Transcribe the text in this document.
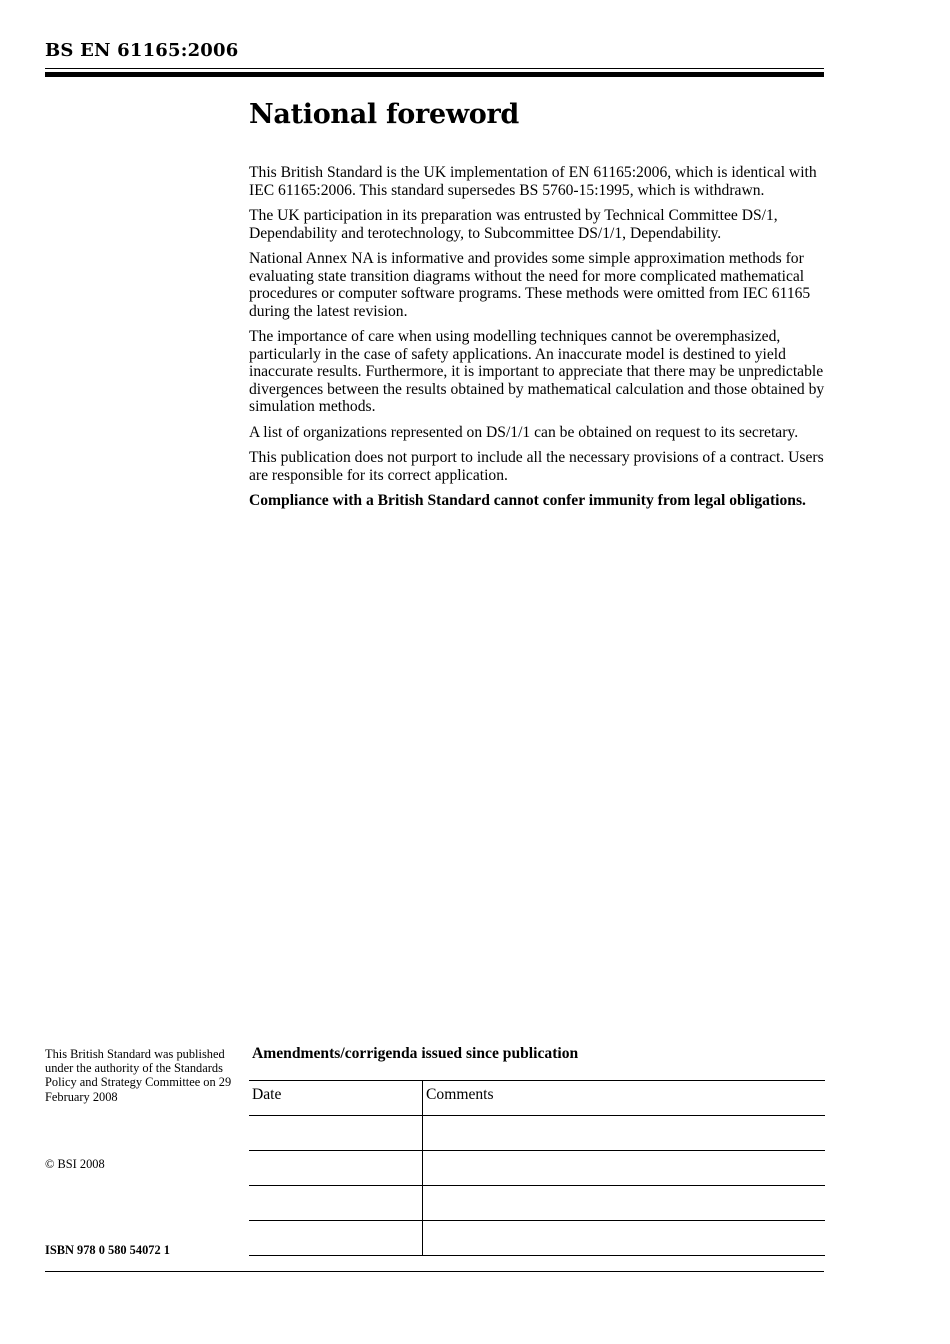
BS EN 61165:2006
National foreword

This British Standard is the UK implementation of EN 61165:2006, which is identical with IEC 61165:2006. This standard supersedes BS 5760-15:1995, which is withdrawn.

The UK participation in its preparation was entrusted by Technical Committee DS/1, Dependability and terotechnology, to Subcommittee DS/1/1, Dependability.

National Annex NA is informative and provides some simple approximation methods for evaluating state transition diagrams without the need for more complicated mathematical procedures or computer software programs. These methods were omitted from IEC 61165 during the latest revision.

The importance of care when using modelling techniques cannot be overemphasized, particularly in the case of safety applications. An inaccurate model is destined to yield inaccurate results. Furthermore, it is important to appreciate that there may be unpredictable divergences between the results obtained by mathematical calculation and those obtained by simulation methods.

A list of organizations represented on DS/1/1 can be obtained on request to its secretary.

This publication does not purport to include all the necessary provisions of a contract. Users are responsible for its correct application.

Compliance with a British Standard cannot confer immunity from legal obligations.

This British Standard was published under the authority of the Standards Policy and Strategy Committee on 29 February 2008
© BSI 2008
ISBN 978 0 580 54072 1
Amendments/corrigenda issued since publication
Date	Comments
